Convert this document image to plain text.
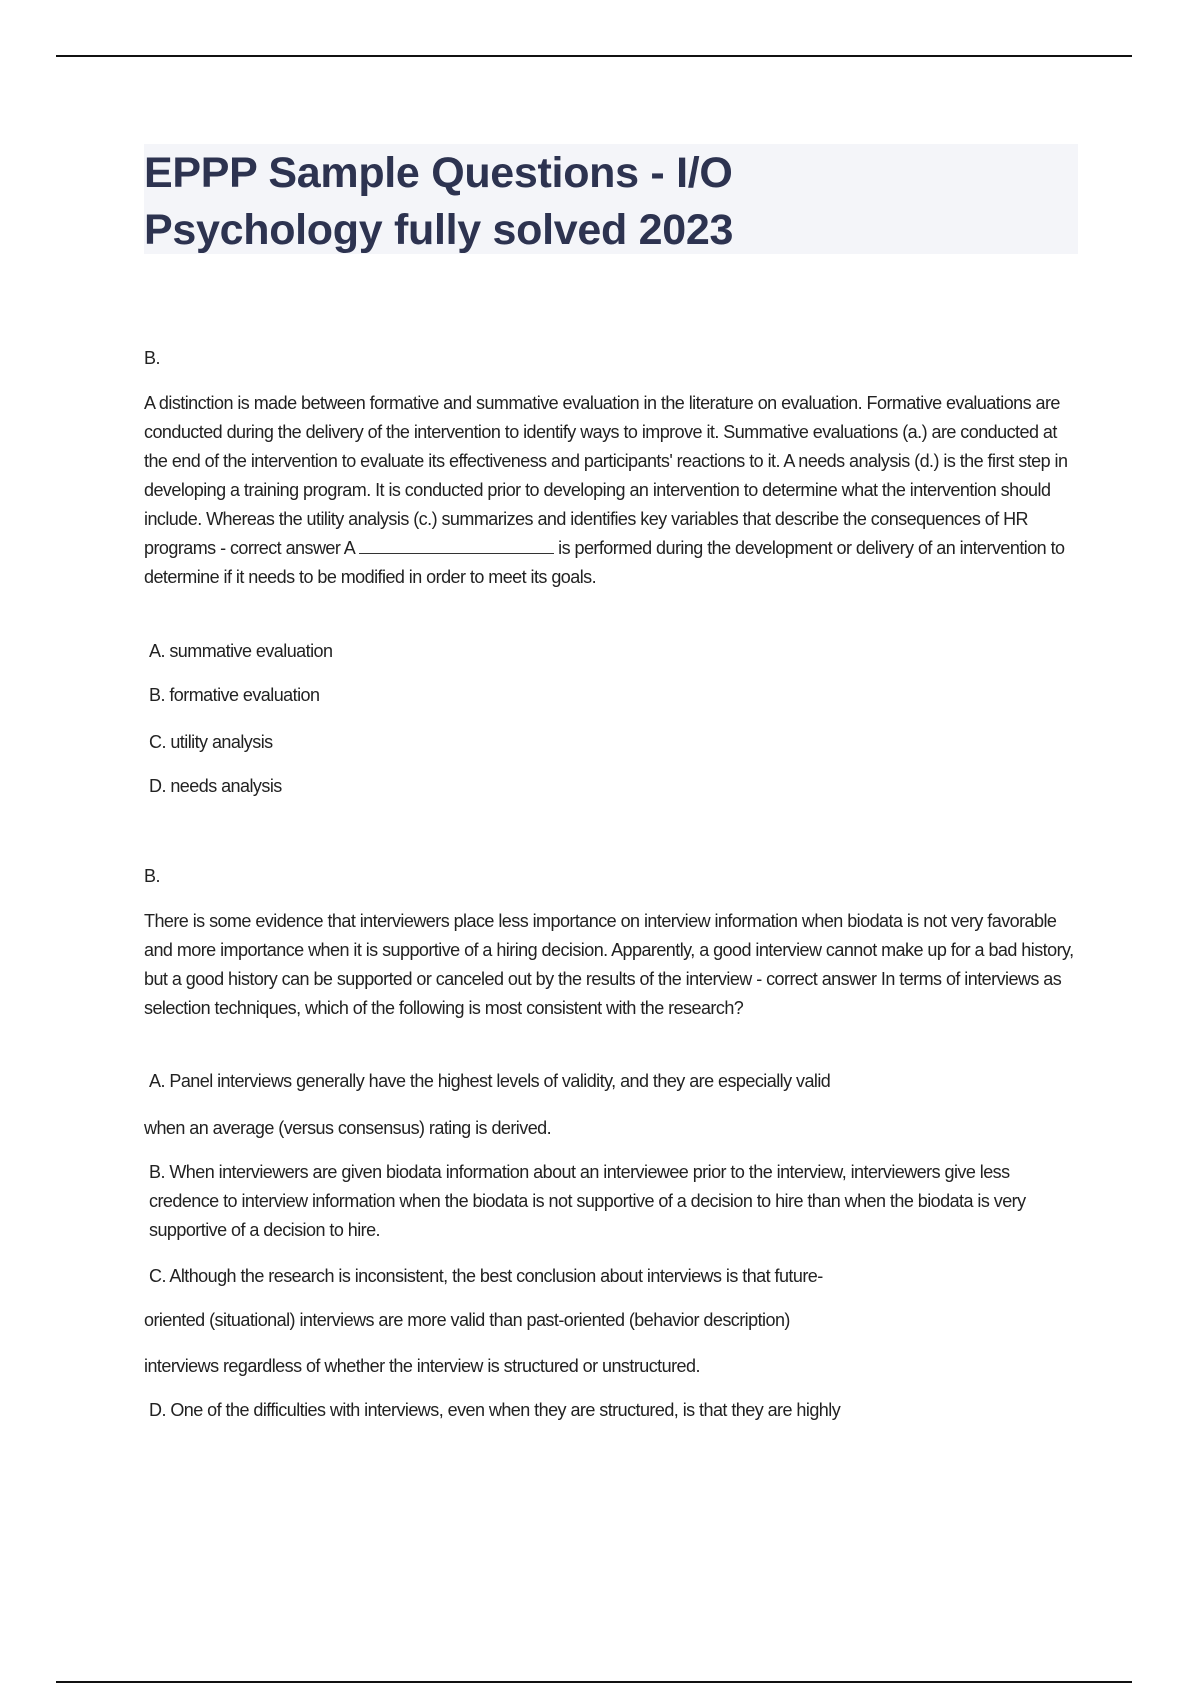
EPPP Sample Questions - I/O Psychology fully solved 2023

B.

A distinction is made between formative and summative evaluation in the literature on evaluation. Formative evaluations are conducted during the delivery of the intervention to identify ways to improve it. Summative evaluations (a.) are conducted at the end of the intervention to evaluate its effectiveness and participants' reactions to it. A needs analysis (d.) is the first step in developing a training program. It is conducted prior to developing an intervention to determine what the intervention should include. Whereas the utility analysis (c.) summarizes and identifies key variables that describe the consequences of HR programs - correct answer A	is performed during the development or delivery of an intervention to determine if it needs to be modified in order to meet its goals.

A. summative evaluation

B. formative evaluation

C. utility analysis

D. needs analysis

B.

There is some evidence that interviewers place less importance on interview information when biodata is not very favorable and more importance when it is supportive of a hiring decision. Apparently, a good interview cannot make up for a bad history, but a good history can be supported or canceled out by the results of the interview - correct answer In terms of interviews as selection techniques, which of the following is most consistent with the research?

A. Panel interviews generally have the highest levels of validity, and they are especially valid

when an average (versus consensus) rating is derived.

B. When interviewers are given biodata information about an interviewee prior to the interview, interviewers give less credence to interview information when the biodata is not supportive of a decision to hire than when the biodata is very supportive of a decision to hire.

C. Although the research is inconsistent, the best conclusion about interviews is that future-

oriented (situational) interviews are more valid than past-oriented (behavior description)

interviews regardless of whether the interview is structured or unstructured.

D. One of the difficulties with interviews, even when they are structured, is that they are highly
